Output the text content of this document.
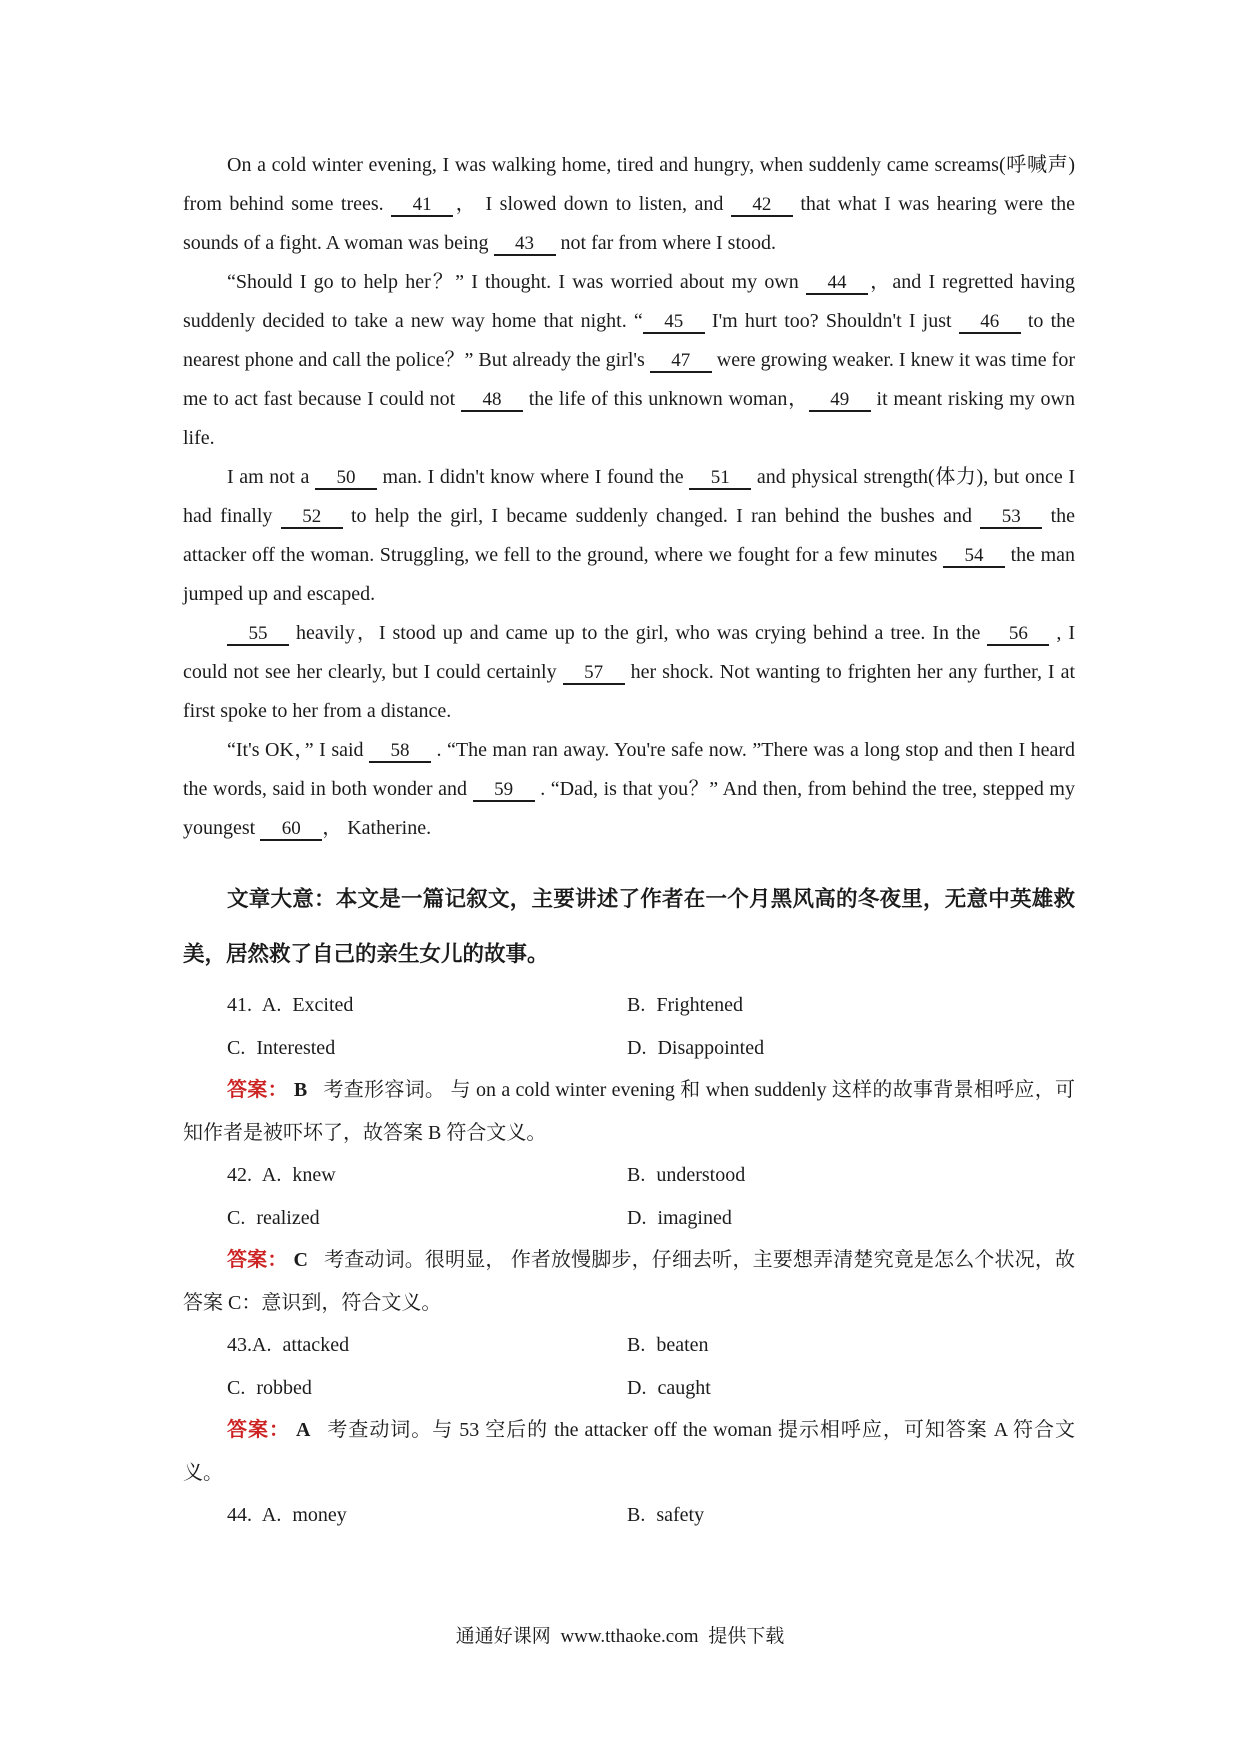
On a cold winter evening, I was walking home, tired and hungry, when suddenly came screams(呼喊声) from behind some trees. 41 ， I slowed down to listen, and 42 that what I was hearing were the sounds of a fight. A woman was being 43 not far from where I stood.

“Should I go to help her？” I thought. I was worried about my own 44 ，and I regretted having suddenly decided to take a new way home that night. “ 45 I'm hurt too? Shouldn't I just 46 to the nearest phone and call the police？” But already the girl's 47 were growing weaker. I knew it was time for me to act fast because I could not 48 the life of this unknown woman， 49 it meant risking my own life.

I am not a 50 man. I didn't know where I found the 51 and physical strength(体力), but once I had finally 52 to help the girl, I became suddenly changed. I ran behind the bushes and 53 the attacker off the woman. Struggling, we fell to the ground, where we fought for a few minutes 54 the man jumped up and escaped.

55 heavily，I stood up and came up to the girl, who was crying behind a tree. In the 56 , I could not see her clearly, but I could certainly 57 her shock. Not wanting to frighten her any further, I at first spoke to her from a distance.

“It's OK，” I said 58 . “The man ran away. You're safe now. ”There was a long stop and then I heard the words, said in both wonder and 59 . “Dad, is that you？” And then, from behind the tree, stepped my youngest 60 ， Katherine.

文章大意：本文是一篇记叙文，主要讲述了作者在一个月黑风高的冬夜里，无意中英雄救美，居然救了自己的亲生女儿的故事。

41. A. Excited	B. Frightened
C. Interested	D. Disappointed

答案： B 考查形容词。 与 on a cold winter evening 和 when suddenly 这样的故事背景相呼应，可知作者是被吓坏了，故答案 B 符合文义。

42. A. knew	B. understood
C. realized	D. imagined

答案： C 考查动词。很明显， 作者放慢脚步，仔细去听，主要想弄清楚究竟是怎么个状况，故答案 C：意识到，符合文义。

43.A. attacked	B. beaten
C. robbed	D. caught

答案： A 考查动词。与 53 空后的 the attacker off the woman 提示相呼应，可知答案 A 符合文义。

44. A. money	B. safety
通通好课网 www.tthaoke.com 提供下载
